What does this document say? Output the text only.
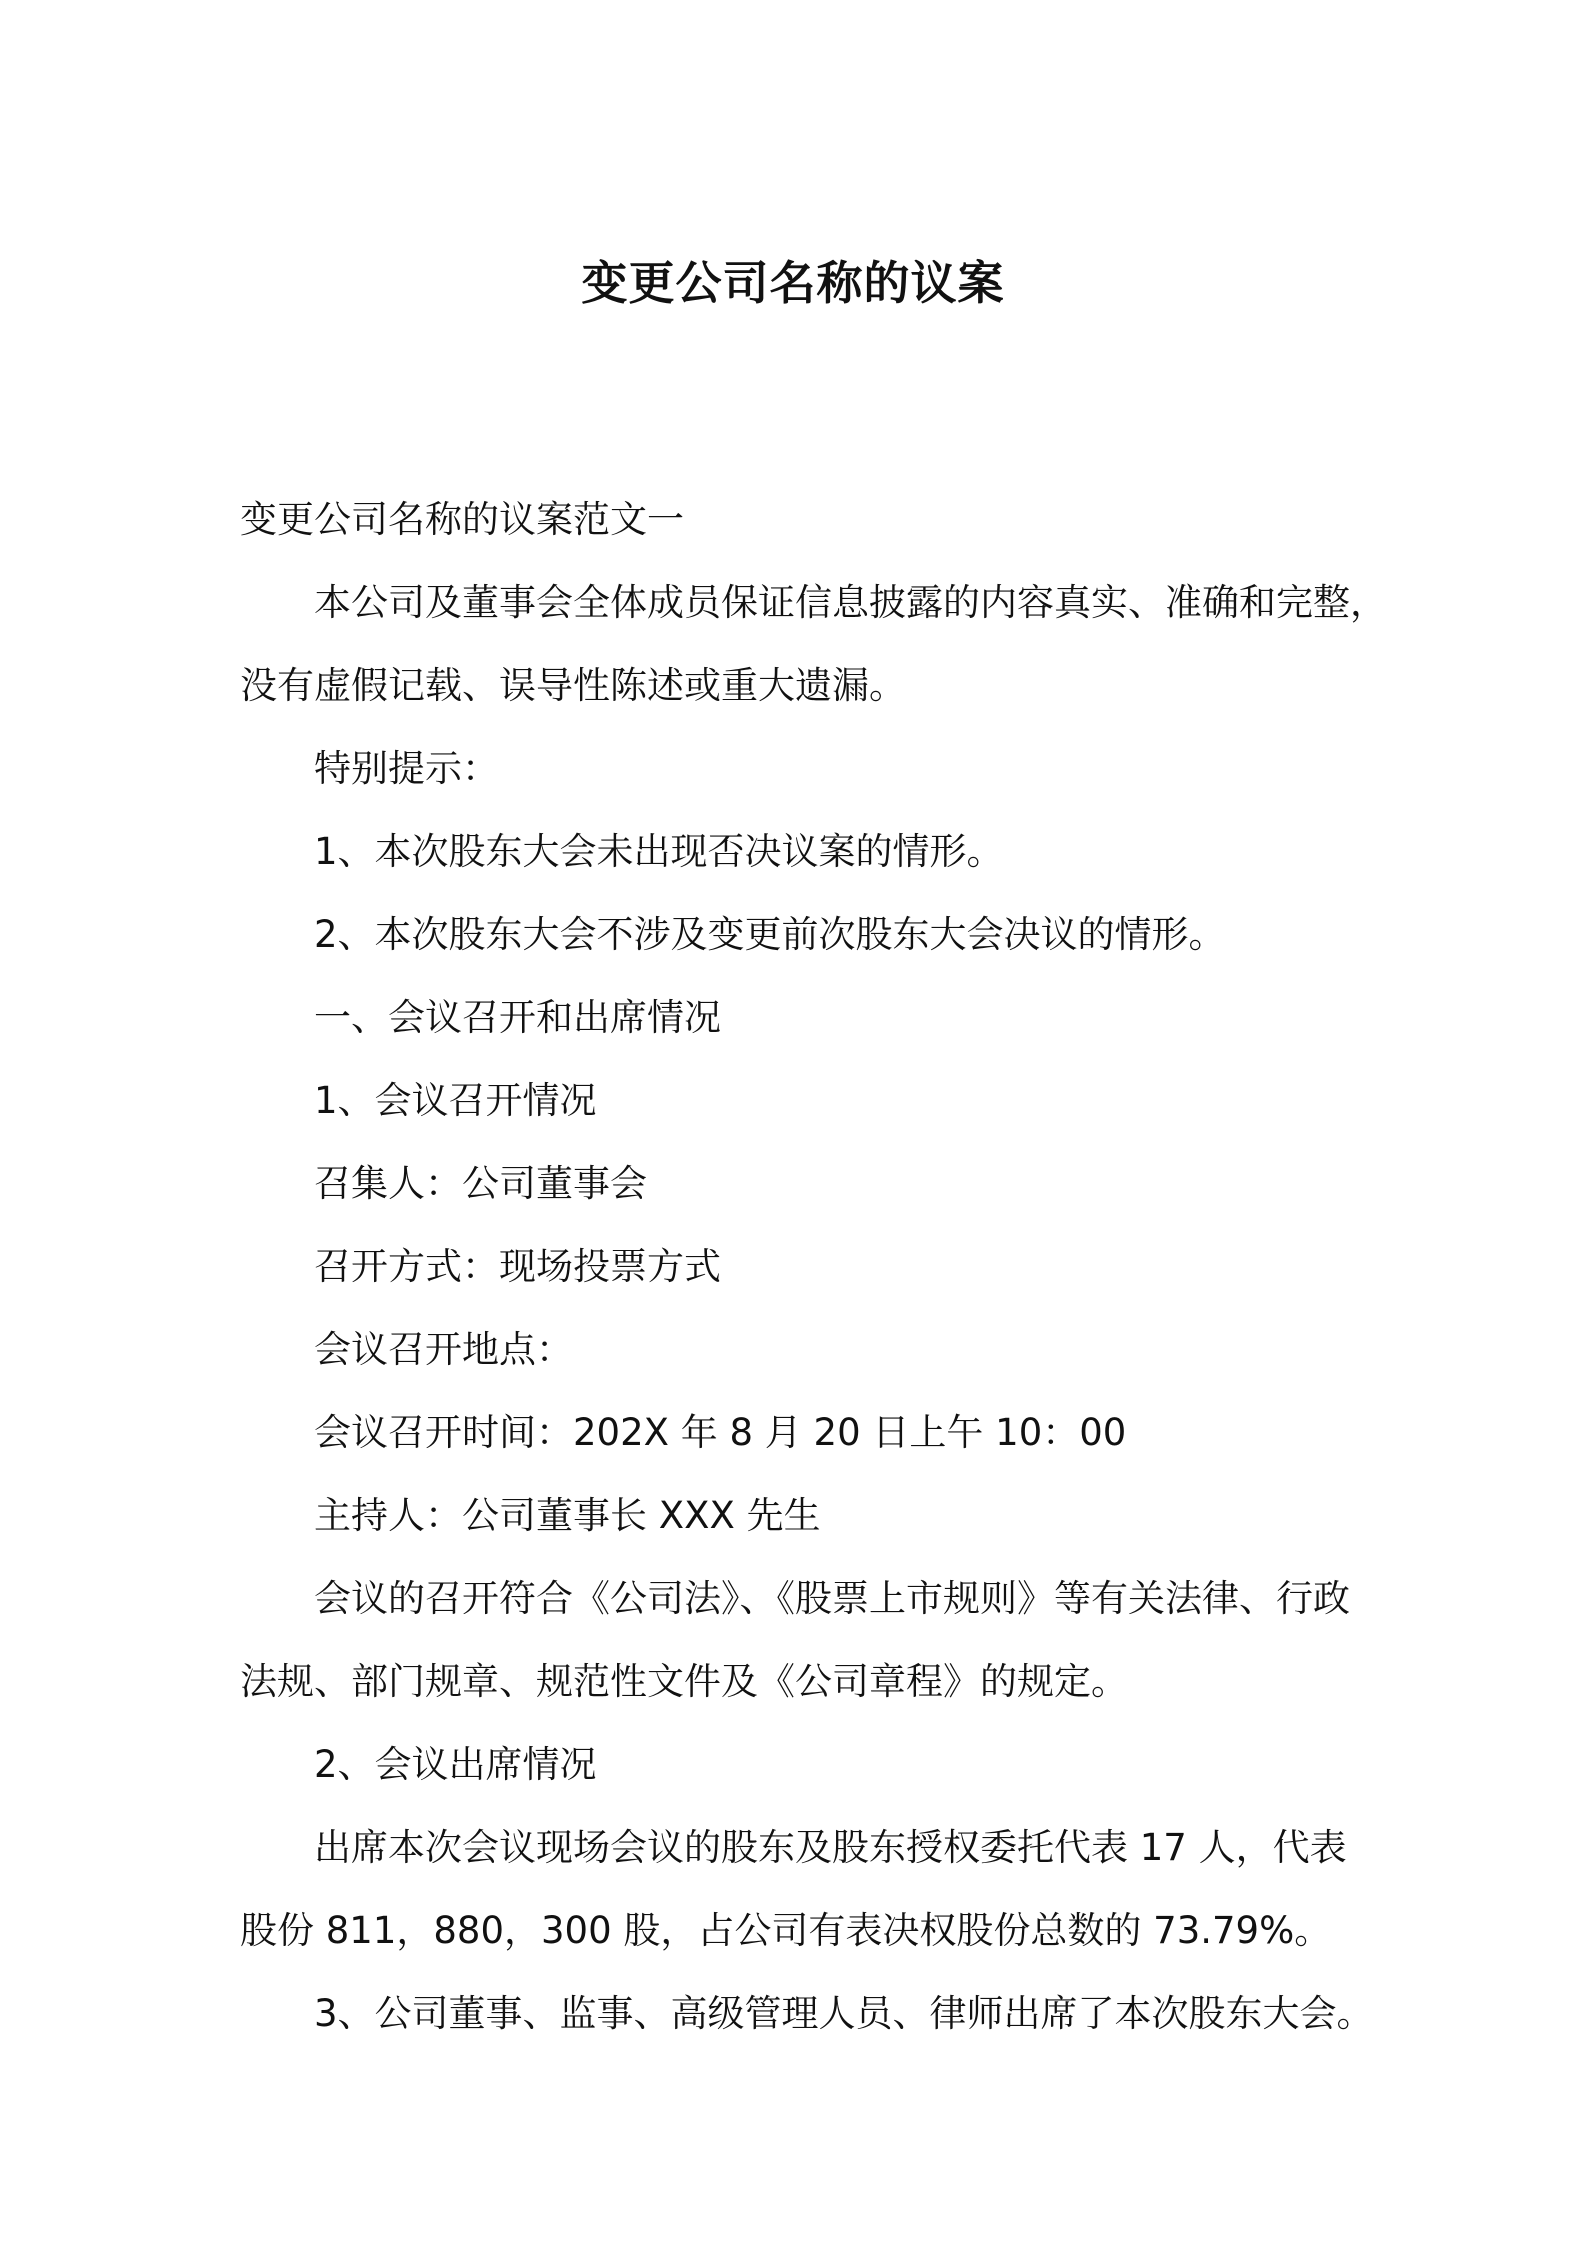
变更公司名称的议案

变更公司名称的议案范文一

本公司及董事会全体成员保证信息披露的内容真实、准确和完整，

没有虚假记载、误导性陈述或重大遗漏。

特别提示：

1、本次股东大会未出现否决议案的情形。

2、本次股东大会不涉及变更前次股东大会决议的情形。

一、会议召开和出席情况

1、会议召开情况

召集人：公司董事会

召开方式：现场投票方式

会议召开地点：

会议召开时间：202X 年 8 月 20 日上午 10：00

主持人：公司董事长 XXX 先生

会议的召开符合《公司法》、《股票上市规则》等有关法律、行政

法规、部门规章、规范性文件及《公司章程》的规定。

2、会议出席情况

出席本次会议现场会议的股东及股东授权委托代表 17 人，代表

股份 811，880，300 股，占公司有表决权股份总数的 73.79%。

3、公司董事、监事、高级管理人员、律师出席了本次股东大会。
